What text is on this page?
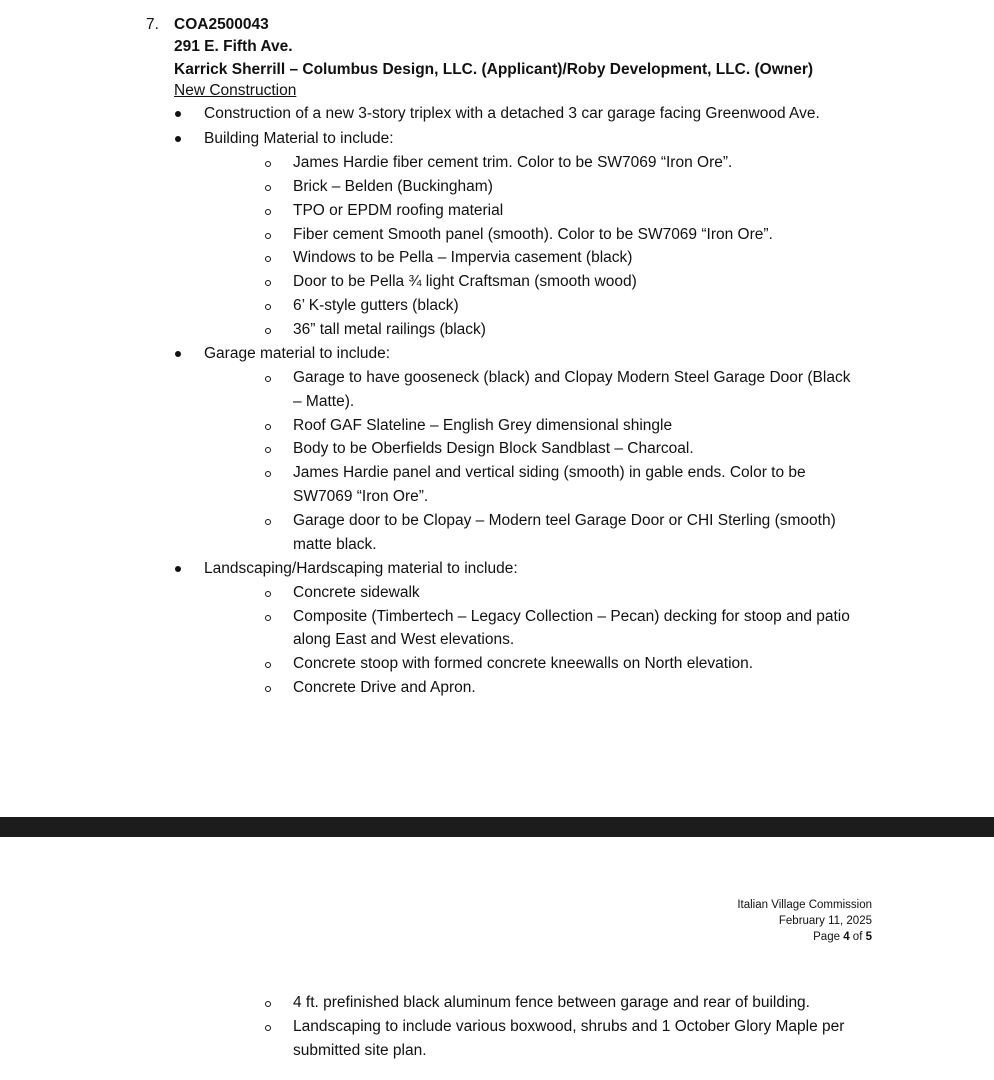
7. COA2500043
291 E. Fifth Ave.
Karrick Sherrill – Columbus Design, LLC. (Applicant)/Roby Development, LLC. (Owner)
New Construction
Construction of a new 3-story triplex with a detached 3 car garage facing Greenwood Ave.
Building Material to include:
James Hardie fiber cement trim. Color to be SW7069 “Iron Ore”.
Brick – Belden (Buckingham)
TPO or EPDM roofing material
Fiber cement Smooth panel (smooth). Color to be SW7069 “Iron Ore”.
Windows to be Pella – Impervia casement (black)
Door to be Pella ¾ light Craftsman (smooth wood)
6’ K-style gutters (black)
36” tall metal railings (black)
Garage material to include:
Garage to have gooseneck (black) and Clopay Modern Steel Garage Door (Black
– Matte).
Roof GAF Slateline – English Grey dimensional shingle
Body to be Oberfields Design Block Sandblast – Charcoal.
James Hardie panel and vertical siding (smooth) in gable ends. Color to be
SW7069 “Iron Ore”.
Garage door to be Clopay – Modern teel Garage Door or CHI Sterling (smooth)
matte black.
Landscaping/Hardscaping material to include:
Concrete sidewalk
Composite (Timbertech – Legacy Collection – Pecan) decking for stoop and patio
along East and West elevations.
Concrete stoop with formed concrete kneewalls on North elevation.
Concrete Drive and Apron.
Italian Village Commission
February 11, 2025
Page 4 of 5
4 ft. prefinished black aluminum fence between garage and rear of building.
Landscaping to include various boxwood, shrubs and 1 October Glory Maple per
submitted site plan.
